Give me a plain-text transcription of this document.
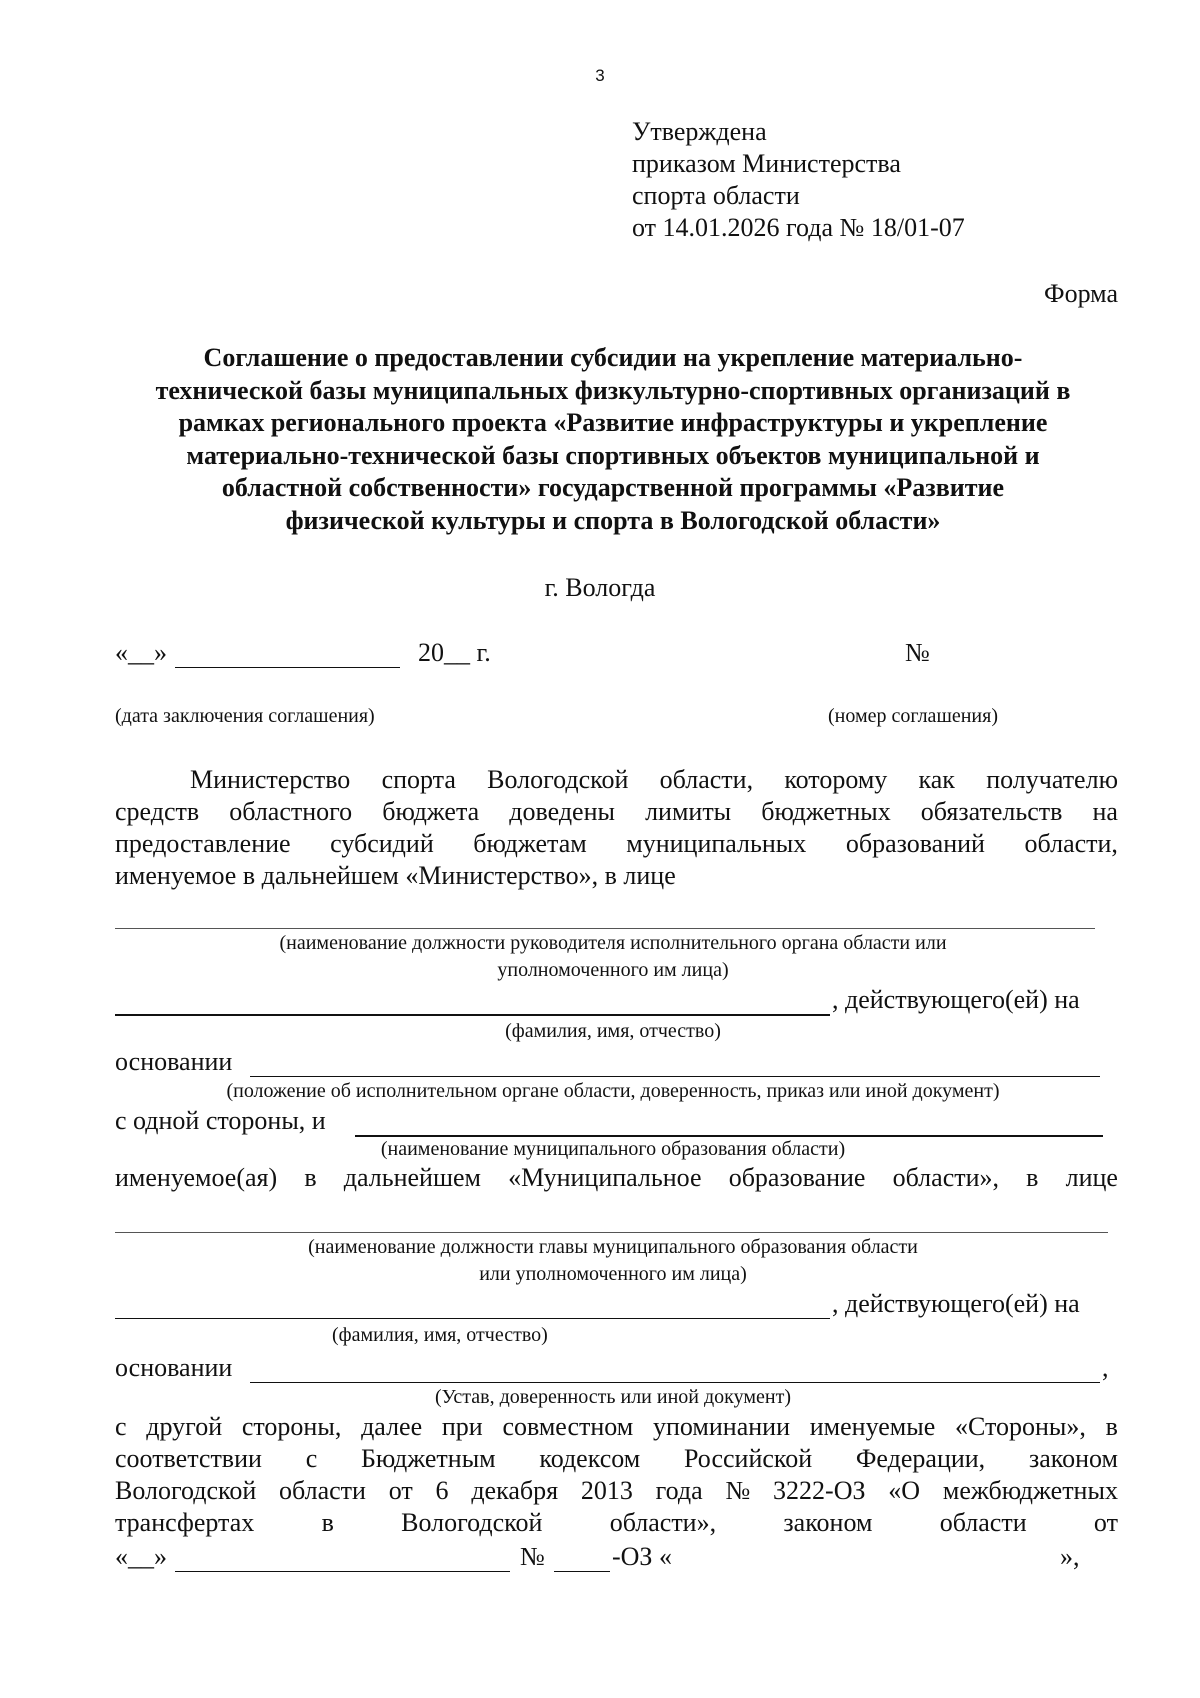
3
Утверждена
приказом Министерства
спорта области
от 14.01.2026 года № 18/01-07
Форма
Соглашение о предоставлении субсидии на укрепление материально-
технической базы муниципальных физкультурно-спортивных организаций в
рамках регионального проекта «Развитие инфраструктуры и укрепление
материально-технической базы спортивных объектов муниципальной и
областной собственности» государственной программы «Развитие
физической культуры и спорта в Вологодской области»
г. Вологда
«__»	20__ г.	№
(дата заключения соглашения)	(номер соглашения)
Министерство спорта Вологодской области, которому как получателю
средств областного бюджета доведены лимиты бюджетных обязательств на
предоставление субсидий бюджетам муниципальных образований области,
именуемое в дальнейшем «Министерство», в лице
(наименование должности руководителя исполнительного органа области или
уполномоченного им лица)
, действующего(ей) на
(фамилия, имя, отчество)
основании
(положение об исполнительном органе области, доверенность, приказ или иной документ)
с одной стороны, и
(наименование муниципального образования области)
именуемое(ая) в дальнейшем «Муниципальное образование области», в лице
(наименование должности главы муниципального образования области
или уполномоченного им лица)
, действующего(ей) на
(фамилия, имя, отчество)
основании	,
(Устав, доверенность или иной документ)
с другой стороны, далее при совместном упоминании именуемые «Стороны», в
соответствии с Бюджетным кодексом Российской Федерации, законом
Вологодской области от 6 декабря 2013 года № 3222-ОЗ «О межбюджетных
трансфертах	в	Вологодской	области»,	законом	области	от
«__»	№	-ОЗ «	»,
